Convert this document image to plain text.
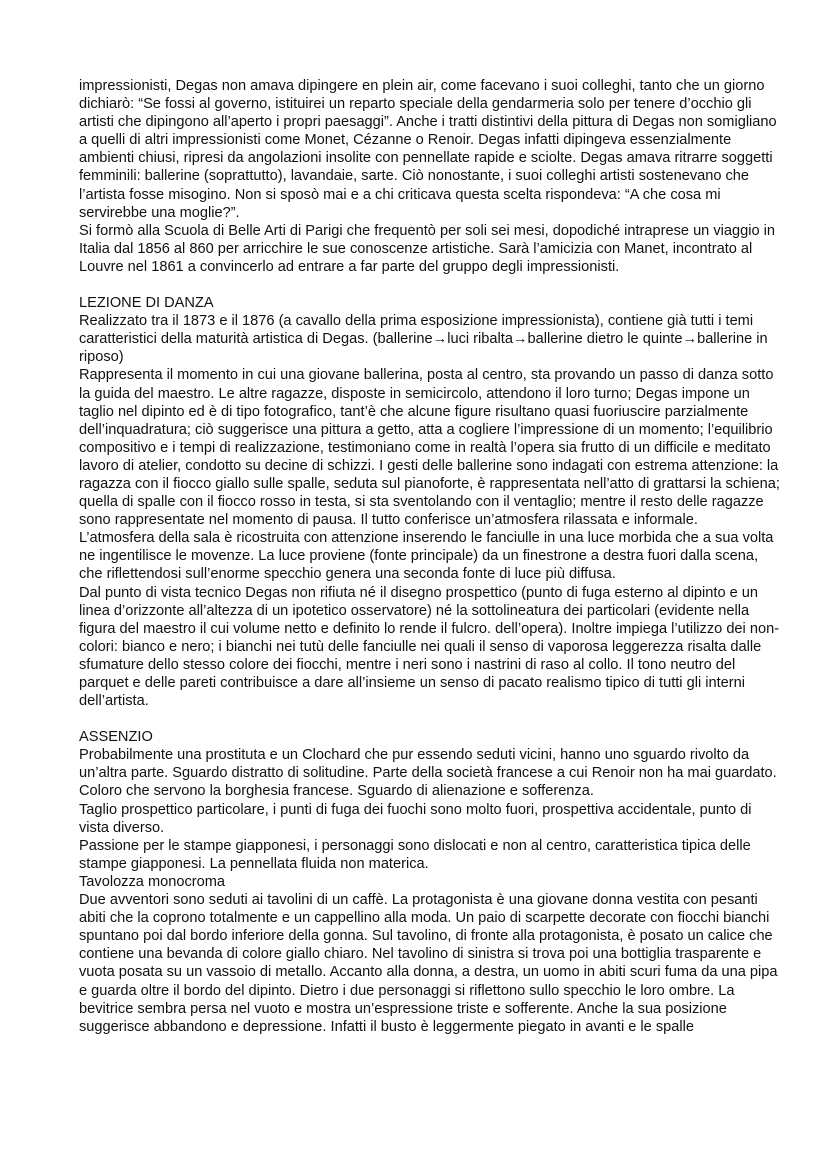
impressionisti, Degas non amava dipingere en plein air, come facevano i suoi colleghi, tanto che un giorno dichiarò: “Se fossi al governo, istituirei un reparto speciale della gendarmeria solo per tenere d’occhio gli artisti che dipingono all’aperto i propri paesaggi”. Anche i tratti distintivi della pittura di Degas non somigliano a quelli di altri impressionisti come Monet, Cézanne o Renoir. Degas infatti dipingeva essenzialmente ambienti chiusi, ripresi da angolazioni insolite con pennellate rapide e sciolte. Degas amava ritrarre soggetti femminili: ballerine (soprattutto), lavandaie, sarte. Ciò nonostante, i suoi colleghi artisti sostenevano che l’artista fosse misogino. Non si sposò mai e a chi criticava questa scelta rispondeva: “A che cosa mi servirebbe una moglie?”.

Si formò alla Scuola di Belle Arti di Parigi che frequentò per soli sei mesi, dopodiché intraprese un viaggio in Italia dal 1856 al 860 per arricchire le sue conoscenze artistiche. Sarà l’amicizia con Manet, incontrato al Louvre nel 1861 a convincerlo ad entrare a far parte del gruppo degli impressionisti.

LEZIONE DI DANZA

Realizzato tra il 1873 e il 1876 (a cavallo della prima esposizione impressionista), contiene già tutti i temi caratteristici della maturità artistica di Degas. (ballerine→luci ribalta→ballerine dietro le quinte→ballerine in riposo)

Rappresenta il momento in cui una giovane ballerina, posta al centro, sta provando un passo di danza sotto la guida del maestro. Le altre ragazze, disposte in semicircolo, attendono il loro turno; Degas impone un taglio nel dipinto ed è di tipo fotografico, tant’è che alcune figure risultano quasi fuoriuscire parzialmente dell’inquadratura; ciò suggerisce una pittura a getto, atta a cogliere l’impressione di un momento; l’equilibrio compositivo e i tempi di realizzazione, testimoniano come in realtà l’opera sia frutto di un difficile e meditato lavoro di atelier, condotto su decine di schizzi. I gesti delle ballerine sono indagati con estrema attenzione: la ragazza con il fiocco giallo sulle spalle, seduta sul pianoforte, è rappresentata nell’atto di grattarsi la schiena; quella di spalle con il fiocco rosso in testa, si sta sventolando con il ventaglio; mentre il resto delle ragazze sono rappresentate nel momento di pausa. Il tutto conferisce un’atmosfera rilassata e informale.

L’atmosfera della sala è ricostruita con attenzione inserendo le fanciulle in una luce morbida che a sua volta ne ingentilisce le movenze. La luce proviene (fonte principale) da un finestrone a destra fuori dalla scena, che riflettendosi sull’enorme specchio genera una seconda fonte di luce più diffusa.

Dal punto di vista tecnico Degas non rifiuta né il disegno prospettico (punto di fuga esterno al dipinto e un linea d’orizzonte all’altezza di un ipotetico osservatore) né la sottolineatura dei particolari (evidente nella figura del maestro il cui volume netto e definito lo rende il fulcro. dell’opera). Inoltre impiega l’utilizzo dei non-colori: bianco e nero; i bianchi nei tutù delle fanciulle nei quali il senso di vaporosa leggerezza risalta dalle sfumature dello stesso colore dei fiocchi, mentre i neri sono i nastrini di raso al collo. Il tono neutro del parquet e delle pareti contribuisce a dare all’insieme un senso di pacato realismo tipico di tutti gli interni dell’artista.

ASSENZIO

Probabilmente una prostituta e un Clochard che pur essendo seduti vicini, hanno uno sguardo rivolto da un’altra parte. Sguardo distratto di solitudine. Parte della società francese a cui Renoir non ha mai guardato. Coloro che servono la borghesia francese. Sguardo di alienazione e sofferenza.

Taglio prospettico particolare, i punti di fuga dei fuochi sono molto fuori, prospettiva accidentale, punto di vista diverso.

Passione per le stampe giapponesi, i personaggi sono dislocati e non al centro, caratteristica tipica delle stampe giapponesi. La pennellata fluida non materica.

Tavolozza monocroma

Due avventori sono seduti ai tavolini di un caffè. La protagonista è una giovane donna vestita con pesanti abiti che la coprono totalmente e un cappellino alla moda. Un paio di scarpette decorate con fiocchi bianchi spuntano poi dal bordo inferiore della gonna. Sul tavolino, di fronte alla protagonista, è posato un calice che contiene una bevanda di colore giallo chiaro. Nel tavolino di sinistra si trova poi una bottiglia trasparente e vuota posata su un vassoio di metallo. Accanto alla donna, a destra, un uomo in abiti scuri fuma da una pipa e guarda oltre il bordo del dipinto. Dietro i due personaggi si riflettono sullo specchio le loro ombre. La bevitrice sembra persa nel vuoto e mostra un’espressione triste e sofferente. Anche la sua posizione suggerisce abbandono e depressione. Infatti il busto è leggermente piegato in avanti e le spalle
